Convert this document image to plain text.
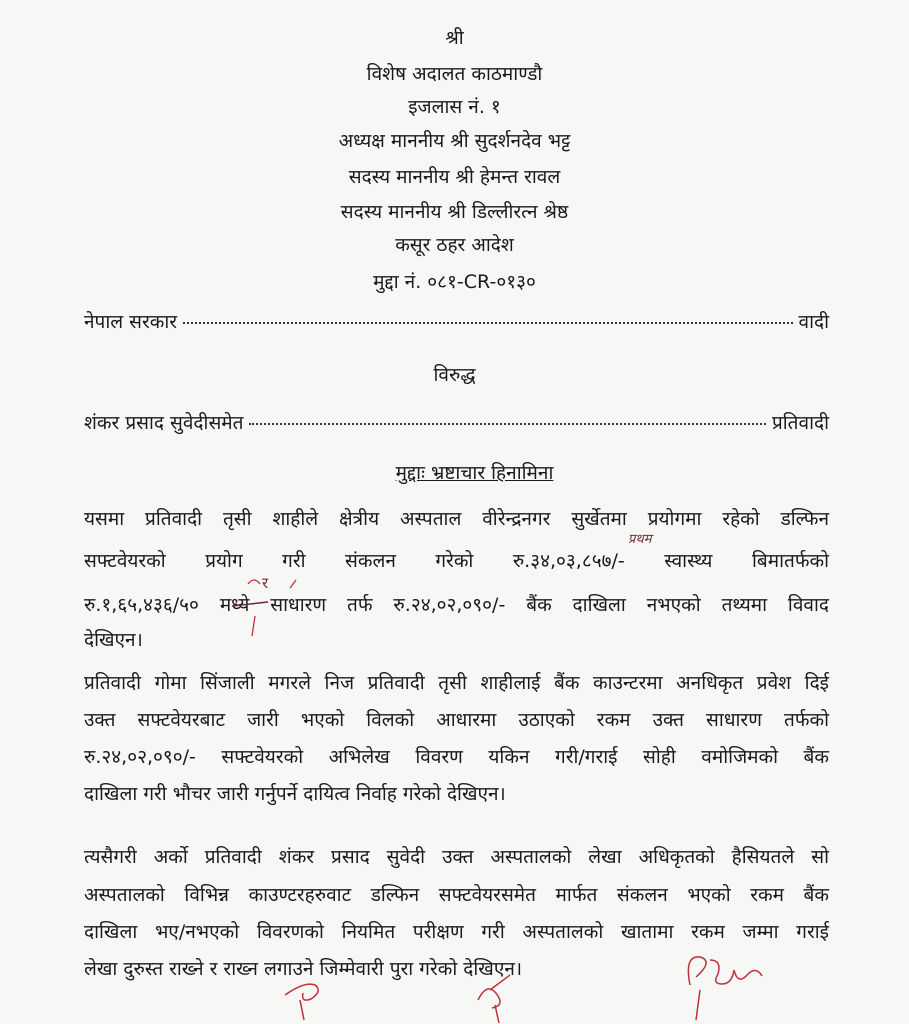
श्री
विशेष अदालत काठमाण्डौ
इजलास नं. १
अध्यक्ष माननीय श्री सुदर्शनदेव भट्ट
सदस्य माननीय श्री हेमन्त रावल
सदस्य माननीय श्री डिल्लीरत्न श्रेष्ठ
कसूर ठहर आदेश
मुद्दा नं. ०८१-CR-०१३०
नेपाल सरकार	वादी
विरुद्ध
शंकर प्रसाद सुवेदीसमेत	प्रतिवादी
मुद्दाः भ्रष्टाचार हिनामिना
यसमा प्रतिवादी तृसी शाहीले क्षेत्रीय अस्पताल वीरेन्द्रनगर सुर्खेतमा प्रयोगमा रहेको डल्फिन
सफ्टवेयरको प्रयोग गरी संकलन गरेको रु.३४,०३,८५७/- स्वास्थ्य बिमातर्फको
रु.१,६५,४३६/५० मध्ये साधारण तर्फ रु.२४,०२,०९०/- बैंक दाखिला नभएको तथ्यमा विवाद
देखिएन।
प्रतिवादी गोमा सिंजाली मगरले निज प्रतिवादी तृसी शाहीलाई बैंक काउन्टरमा अनधिकृत प्रवेश दिई
उक्त सफ्टवेयरबाट जारी भएको विलको आधारमा उठाएको रकम उक्त साधारण तर्फको
रु.२४,०२,०९०/- सफ्टवेयरको अभिलेख विवरण यकिन गरी/गराई सोही वमोजिमको बैंक
दाखिला गरी भौचर जारी गर्नुपर्ने दायित्व निर्वाह गरेको देखिएन।
त्यसैगरी अर्को प्रतिवादी शंकर प्रसाद सुवेदी उक्त अस्पतालको लेखा अधिकृतको हैसियतले सो
अस्पतालको विभिन्न काउण्टरहरुवाट डल्फिन सफ्टवेयरसमेत मार्फत संकलन भएको रकम बैंक
दाखिला भए/नभएको विवरणको नियमित परीक्षण गरी अस्पतालको खातामा रकम जम्मा गराई
लेखा दुरुस्त राख्ने र राख्न लगाउने जिम्मेवारी पुरा गरेको देखिएन।
प्रथम
र
